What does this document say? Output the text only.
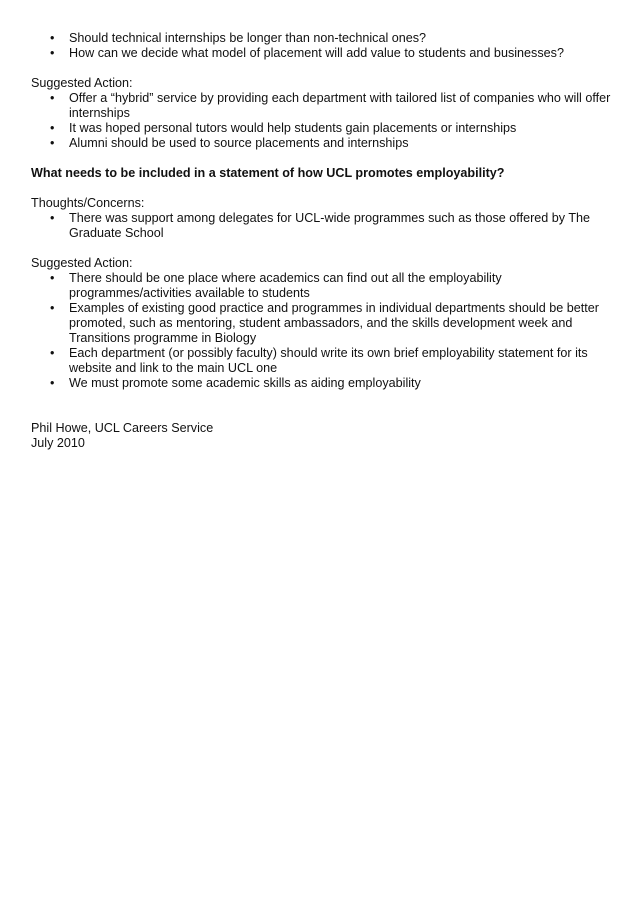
•	Should technical internships be longer than non-technical ones?
•	How can we decide what model of placement will add value to students and businesses?

Suggested Action:

•	Offer a “hybrid” service by providing each department with tailored list of companies who will offer internships
•	It was hoped personal tutors would help students gain placements or internships
•	Alumni should be used to source placements and internships

What needs to be included in a statement of how UCL promotes employability?

Thoughts/Concerns:

•	There was support among delegates for UCL-wide programmes such as those offered by The Graduate School

Suggested Action:

•	There should be one place where academics can find out all the employability programmes/activities available to students
•	Examples of existing good practice and programmes in individual departments should be better promoted, such as mentoring, student ambassadors, and the skills development week and Transitions programme in Biology
•	Each department (or possibly faculty) should write its own brief employability statement for its website and link to the main UCL one
•	We must promote some academic skills as aiding employability

Phil Howe, UCL Careers Service

July 2010
